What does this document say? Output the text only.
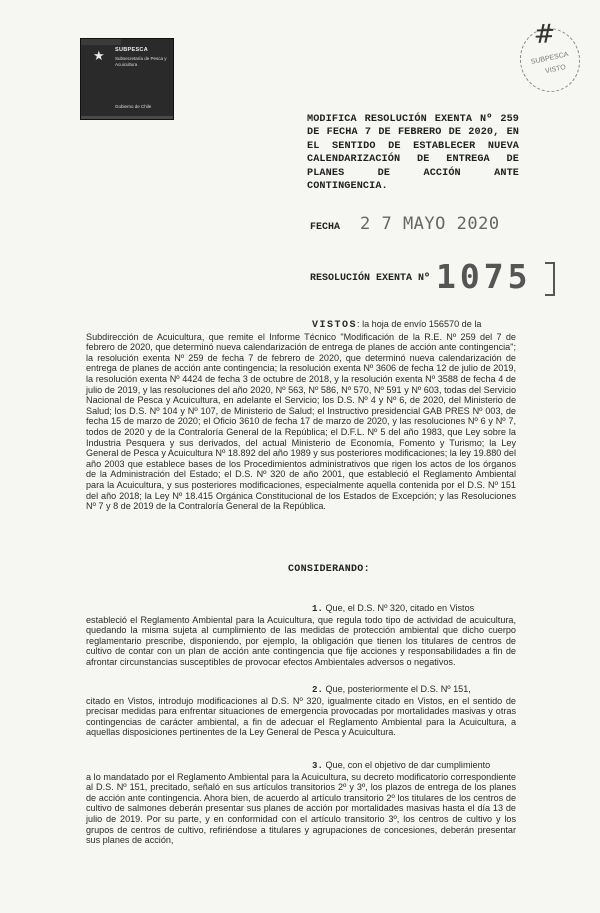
★ SUBPESCA
Subsecretaría de Pesca y Acuicultura
Gobierno de Chile
#
SUBPESCA
VISTO
MODIFICA RESOLUCIÓN EXENTA Nº 259 DE FECHA 7 DE FEBRERO DE 2020, EN EL SENTIDO DE ESTABLECER NUEVA CALENDARIZACIÓN DE ENTREGA DE PLANES DE ACCIÓN ANTE CONTINGENCIA.
FECHA 2 7 MAYO 2020
RESOLUCIÓN EXENTA Nº 1075
VISTOS: la hoja de envío 156570 de la
Subdirección de Acuicultura, que remite el Informe Técnico "Modificación de la R.E. Nº 259 del 7 de febrero de 2020, que determinó nueva calendarización de entrega de planes de acción ante contingencia"; la resolución exenta Nº 259 de fecha 7 de febrero de 2020, que determinó nueva calendarización de entrega de planes de acción ante contingencia; la resolución exenta Nº 3606 de fecha 12 de julio de 2019, la resolución exenta Nº 4424 de fecha 3 de octubre de 2018, y la resolución exenta Nº 3588 de fecha 4 de julio de 2019, y las resoluciones del año 2020, Nº 563, Nº 586, Nº 570, Nº 591 y Nº 603, todas del Servicio Nacional de Pesca y Acuicultura, en adelante el Servicio; los D.S. Nº 4 y Nº 6, de 2020, del Ministerio de Salud; los D.S. Nº 104 y Nº 107, de Ministerio de Salud; el Instructivo presidencial GAB PRES Nº 003, de fecha 15 de marzo de 2020; el Oficio 3610 de fecha 17 de marzo de 2020, y las resoluciones Nº 6 y Nº 7, todos de 2020 y de la Contraloría General de la República; el D.F.L. Nº 5 del año 1983, que Ley sobre la Industria Pesquera y sus derivados, del actual Ministerio de Economía, Fomento y Turismo; la Ley General de Pesca y Acuicultura Nº 18.892 del año 1989 y sus posteriores modificaciones; la ley 19.880 del año 2003 que establece bases de los Procedimientos administrativos que rigen los actos de los órganos de la Administración del Estado; el D.S. Nº 320 de año 2001, que estableció el Reglamento Ambiental para la Acuicultura, y sus posteriores modificaciones, especialmente aquella contenida por el D.S. Nº 151 del año 2018; la Ley Nº 18.415 Orgánica Constitucional de los Estados de Excepción; y las Resoluciones Nº 7 y 8 de 2019 de la Contraloría General de la República.
CONSIDERANDO:
1. Que, el D.S. Nº 320, citado en Vistos
estableció el Reglamento Ambiental para la Acuicultura, que regula todo tipo de actividad de acuicultura, quedando la misma sujeta al cumplimiento de las medidas de protección ambiental que dicho cuerpo reglamentario prescribe, disponiendo, por ejemplo, la obligación que tienen los titulares de centros de cultivo de contar con un plan de acción ante contingencia que fije acciones y responsabilidades a fin de afrontar circunstancias susceptibles de provocar efectos Ambientales adversos o negativos.
2. Que, posteriormente el D.S. Nº 151,
citado en Vistos, introdujo modificaciones al D.S. Nº 320, igualmente citado en Vistos, en el sentido de precisar medidas para enfrentar situaciones de emergencia provocadas por mortalidades masivas y otras contingencias de carácter ambiental, a fin de adecuar el Reglamento Ambiental para la Acuicultura, a aquellas disposiciones pertinentes de la Ley General de Pesca y Acuicultura.
3. Que, con el objetivo de dar cumplimiento
a lo mandatado por el Reglamento Ambiental para la Acuicultura, su decreto modificatorio correspondiente al D.S. Nº 151, precitado, señaló en sus artículos transitorios 2º y 3º, los plazos de entrega de los planes de acción ante contingencia. Ahora bien, de acuerdo al artículo transitorio 2º los titulares de los centros de cultivo de salmones deberán presentar sus planes de acción por mortalidades masivas hasta el día 13 de julio de 2019. Por su parte, y en conformidad con el artículo transitorio 3º, los centros de cultivo y los grupos de centros de cultivo, refiriéndose a titulares y agrupaciones de concesiones, deberán presentar sus planes de acción,
